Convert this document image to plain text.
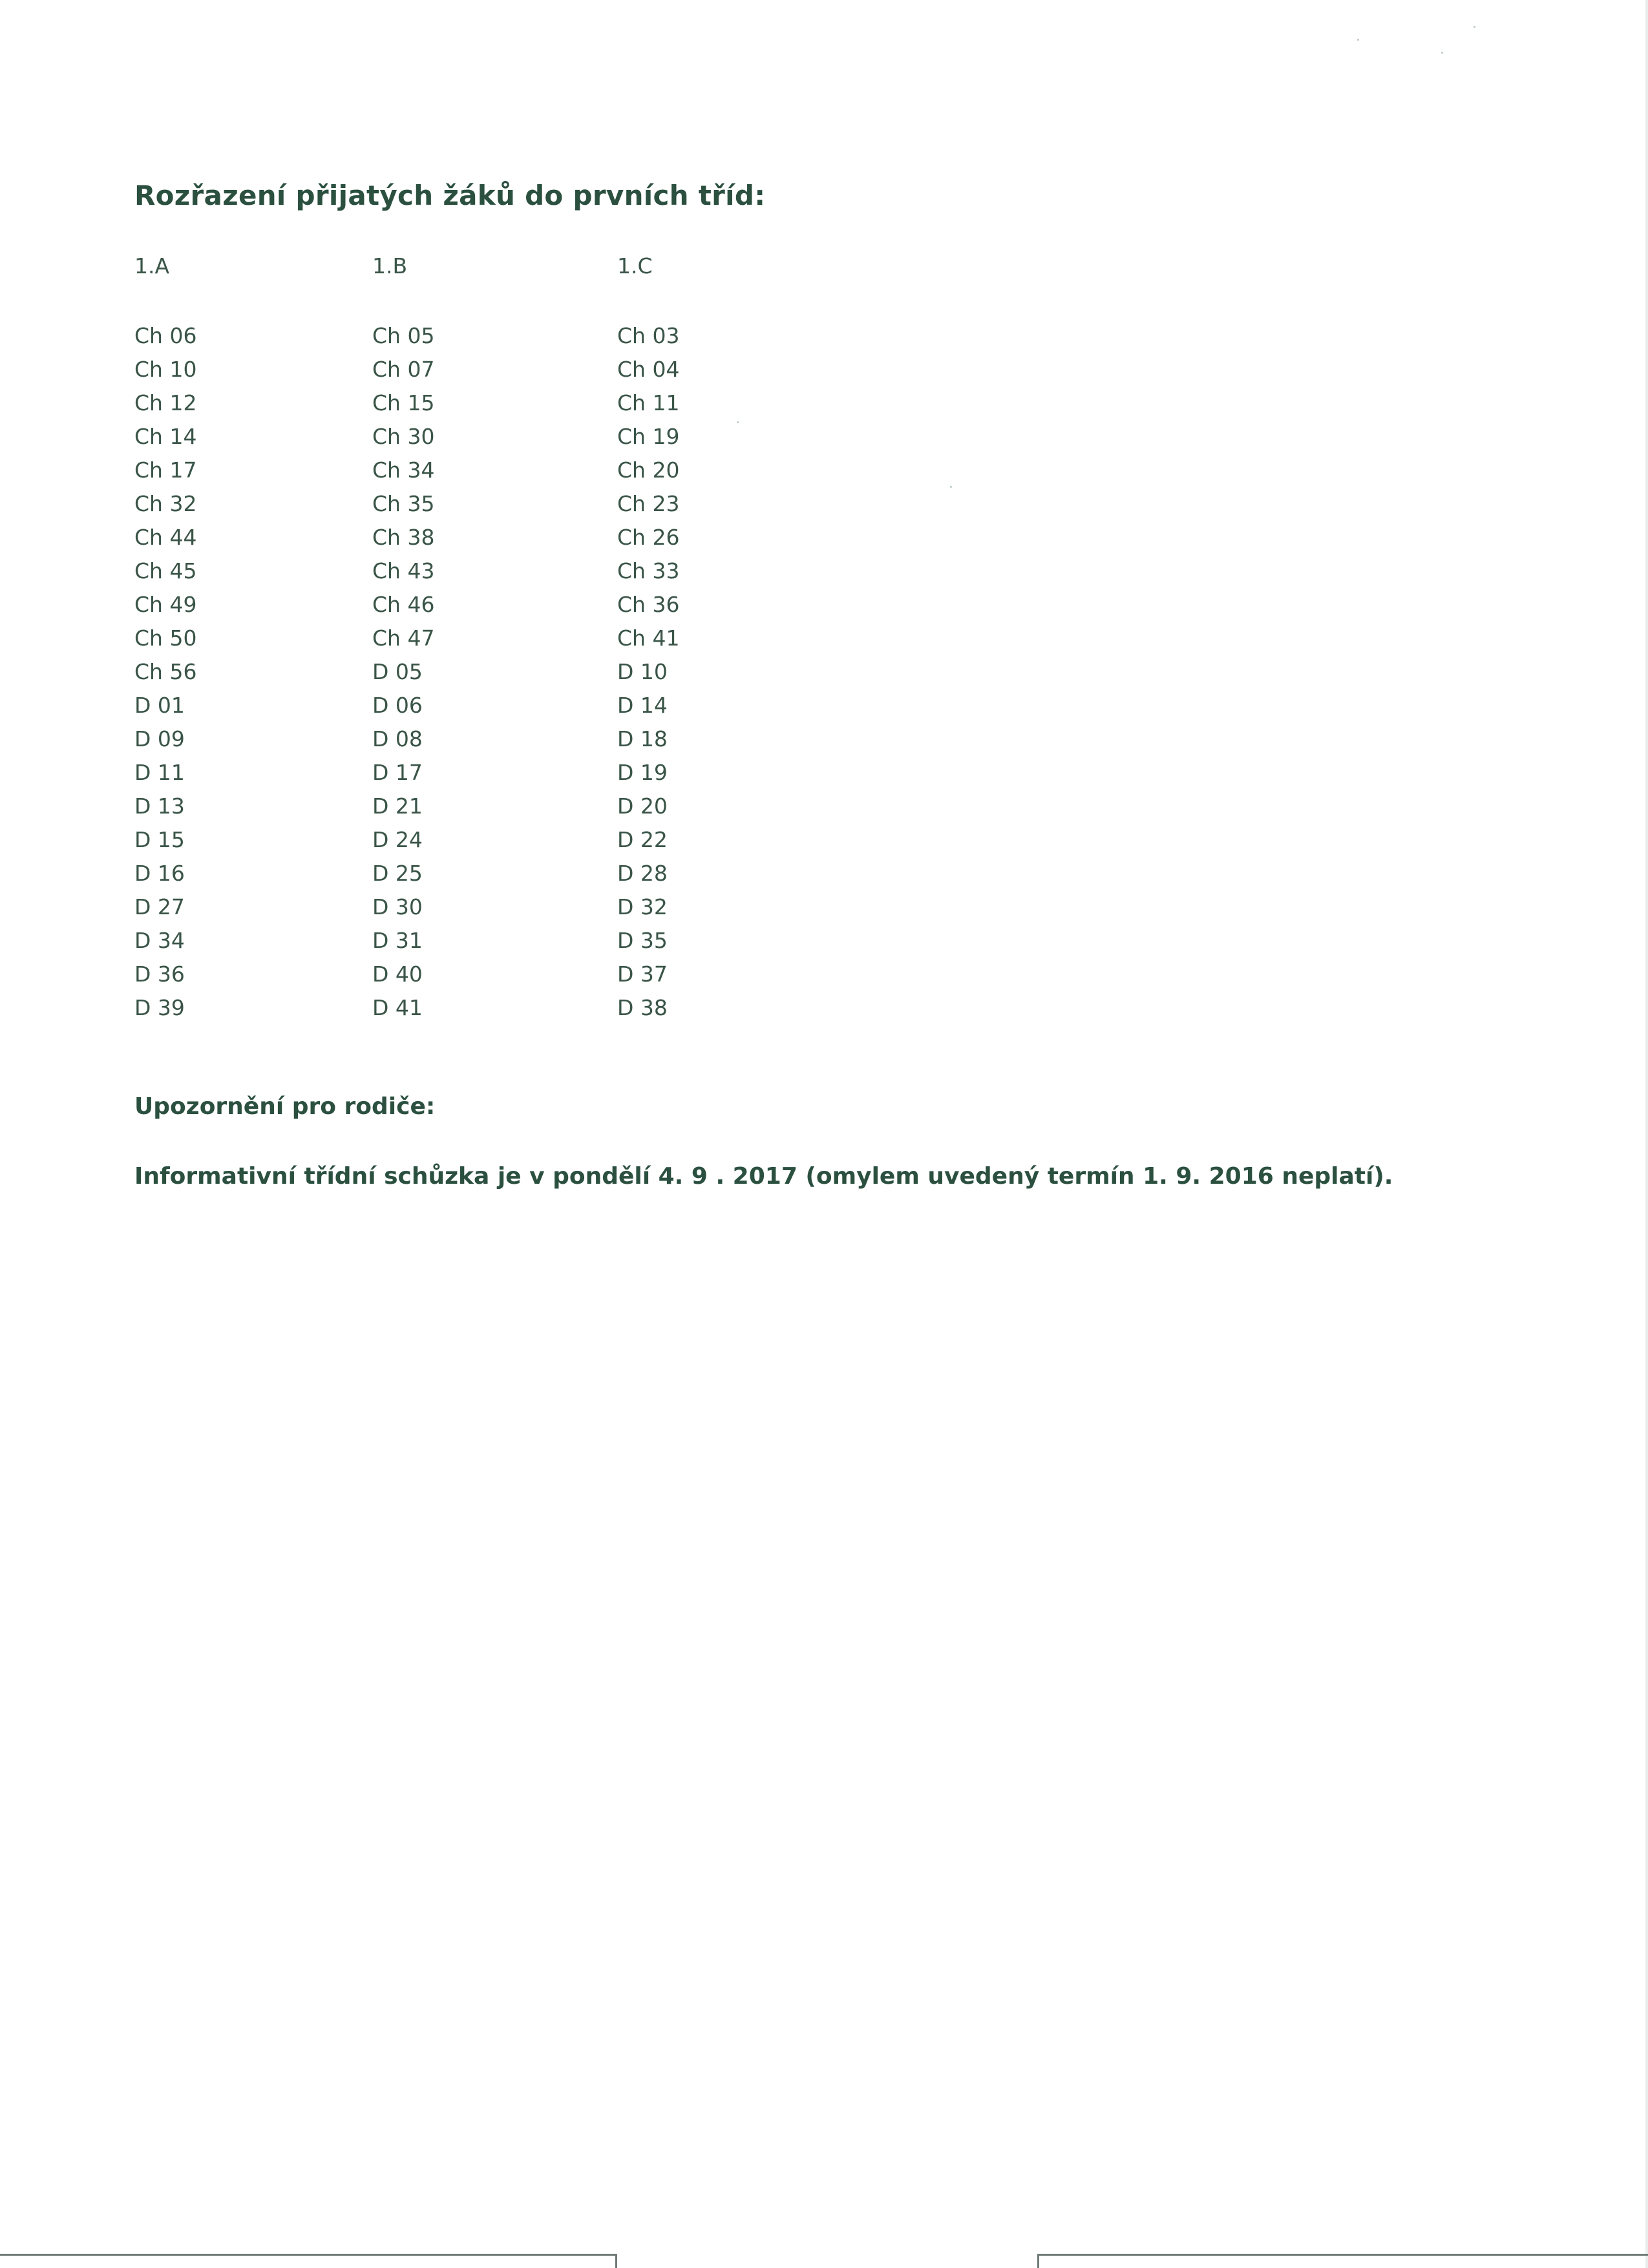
Rozřazení přijatých žáků do prvních tříd:
1.A
Ch 06
Ch 10
Ch 12
Ch 14
Ch 17
Ch 32
Ch 44
Ch 45
Ch 49
Ch 50
Ch 56
D 01
D 09
D 11
D 13
D 15
D 16
D 27
D 34
D 36
D 39
1.B
Ch 05
Ch 07
Ch 15
Ch 30
Ch 34
Ch 35
Ch 38
Ch 43
Ch 46
Ch 47
D 05
D 06
D 08
D 17
D 21
D 24
D 25
D 30
D 31
D 40
D 41
1.C
Ch 03
Ch 04
Ch 11
Ch 19
Ch 20
Ch 23
Ch 26
Ch 33
Ch 36
Ch 41
D 10
D 14
D 18
D 19
D 20
D 22
D 28
D 32
D 35
D 37
D 38
Upozornění pro rodiče:
Informativní třídní schůzka je v pondělí 4. 9 . 2017 (omylem uvedený termín 1. 9. 2016 neplatí).
